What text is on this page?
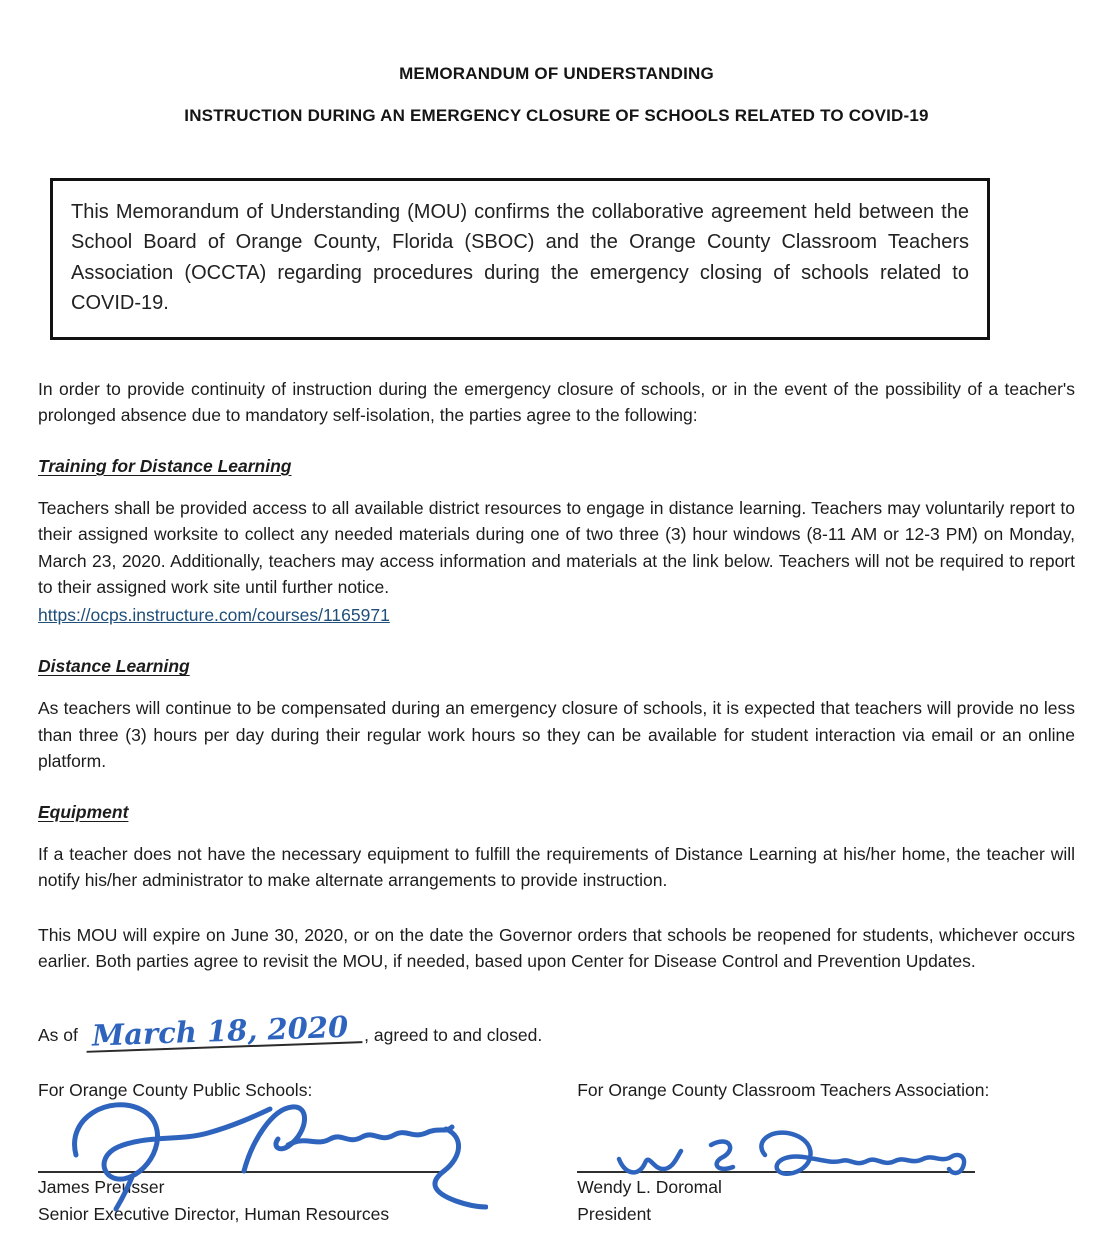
MEMORANDUM OF UNDERSTANDING
INSTRUCTION DURING AN EMERGENCY CLOSURE OF SCHOOLS RELATED TO COVID-19
This Memorandum of Understanding (MOU) confirms the collaborative agreement held between the School Board of Orange County, Florida (SBOC) and the Orange County Classroom Teachers Association (OCCTA) regarding procedures during the emergency closing of schools related to COVID-19.

In order to provide continuity of instruction during the emergency closure of schools, or in the event of the possibility of a teacher's prolonged absence due to mandatory self-isolation, the parties agree to the following:

Training for Distance Learning

Teachers shall be provided access to all available district resources to engage in distance learning. Teachers may voluntarily report to their assigned worksite to collect any needed materials during one of two three (3) hour windows (8-11 AM or 12-3 PM) on Monday, March 23, 2020. Additionally, teachers may access information and materials at the link below. Teachers will not be required to report to their assigned work site until further notice.

https://ocps.instructure.com/courses/1165971
Distance Learning

As teachers will continue to be compensated during an emergency closure of schools, it is expected that teachers will provide no less than three (3) hours per day during their regular work hours so they can be available for student interaction via email or an online platform.

Equipment

If a teacher does not have the necessary equipment to fulfill the requirements of Distance Learning at his/her home, the teacher will notify his/her administrator to make alternate arrangements to provide instruction.

This MOU will expire on June 30, 2020, or on the date the Governor orders that schools be reopened for students, whichever occurs earlier. Both parties agree to revisit the MOU, if needed, based upon Center for Disease Control and Prevention Updates.

As of March 18, 2020 , agreed to and closed.

For Orange County Public Schools:

James Preusser

Senior Executive Director, Human Resources

For Orange County Classroom Teachers Association:

Wendy L. Doromal

President
